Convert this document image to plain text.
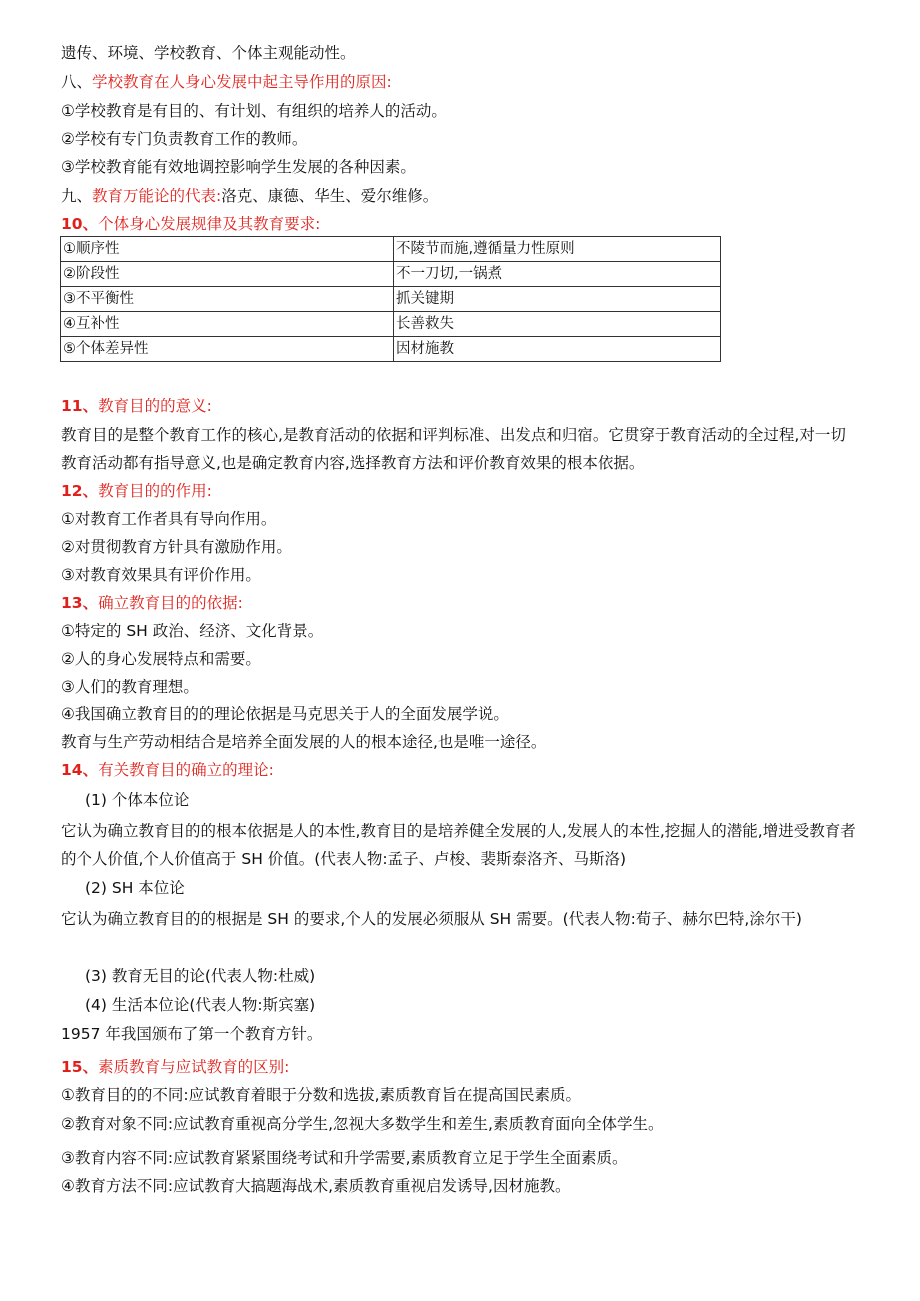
遗传、环境、学校教育、个体主观能动性。
八、学校教育在人身心发展中起主导作用的原因:
①学校教育是有目的、有计划、有组织的培养人的活动。
②学校有专门负责教育工作的教师。
③学校教育能有效地调控影响学生发展的各种因素。
九、教育万能论的代表:洛克、康德、华生、爱尔维修。
10、个体身心发展规律及其教育要求:
①顺序性	不陵节而施,遵循量力性原则
②阶段性	不一刀切,一锅煮
③不平衡性	抓关键期
④互补性	长善救失
⑤个体差异性	因材施教
11、教育目的的意义:
教育目的是整个教育工作的核心,是教育活动的依据和评判标准、出发点和归宿。它贯穿于教育活动的全过程,对一切教育活动都有指导意义,也是确定教育内容,选择教育方法和评价教育效果的根本依据。
12、教育目的的作用:
①对教育工作者具有导向作用。
②对贯彻教育方针具有激励作用。
③对教育效果具有评价作用。
13、确立教育目的的依据:
①特定的 SH 政治、经济、文化背景。
②人的身心发展特点和需要。
③人们的教育理想。
④我国确立教育目的的理论依据是马克思关于人的全面发展学说。
教育与生产劳动相结合是培养全面发展的人的根本途径,也是唯一途径。
14、有关教育目的确立的理论:
(1) 个体本位论
它认为确立教育目的的根本依据是人的本性,教育目的是培养健全发展的人,发展人的本性,挖掘人的潜能,增进受教育者的个人价值,个人价值高于 SH 价值。(代表人物:孟子、卢梭、裴斯泰洛齐、马斯洛)
(2) SH 本位论
它认为确立教育目的的根据是 SH 的要求,个人的发展必须服从 SH 需要。(代表人物:荀子、赫尔巴特,涂尔干)
(3) 教育无目的论(代表人物:杜威)
(4) 生活本位论(代表人物:斯宾塞)
1957 年我国颁布了第一个教育方针。
15、素质教育与应试教育的区别:
①教育目的的不同:应试教育着眼于分数和选拔,素质教育旨在提高国民素质。
②教育对象不同:应试教育重视高分学生,忽视大多数学生和差生,素质教育面向全体学生。
③教育内容不同:应试教育紧紧围绕考试和升学需要,素质教育立足于学生全面素质。
④教育方法不同:应试教育大搞题海战术,素质教育重视启发诱导,因材施教。
